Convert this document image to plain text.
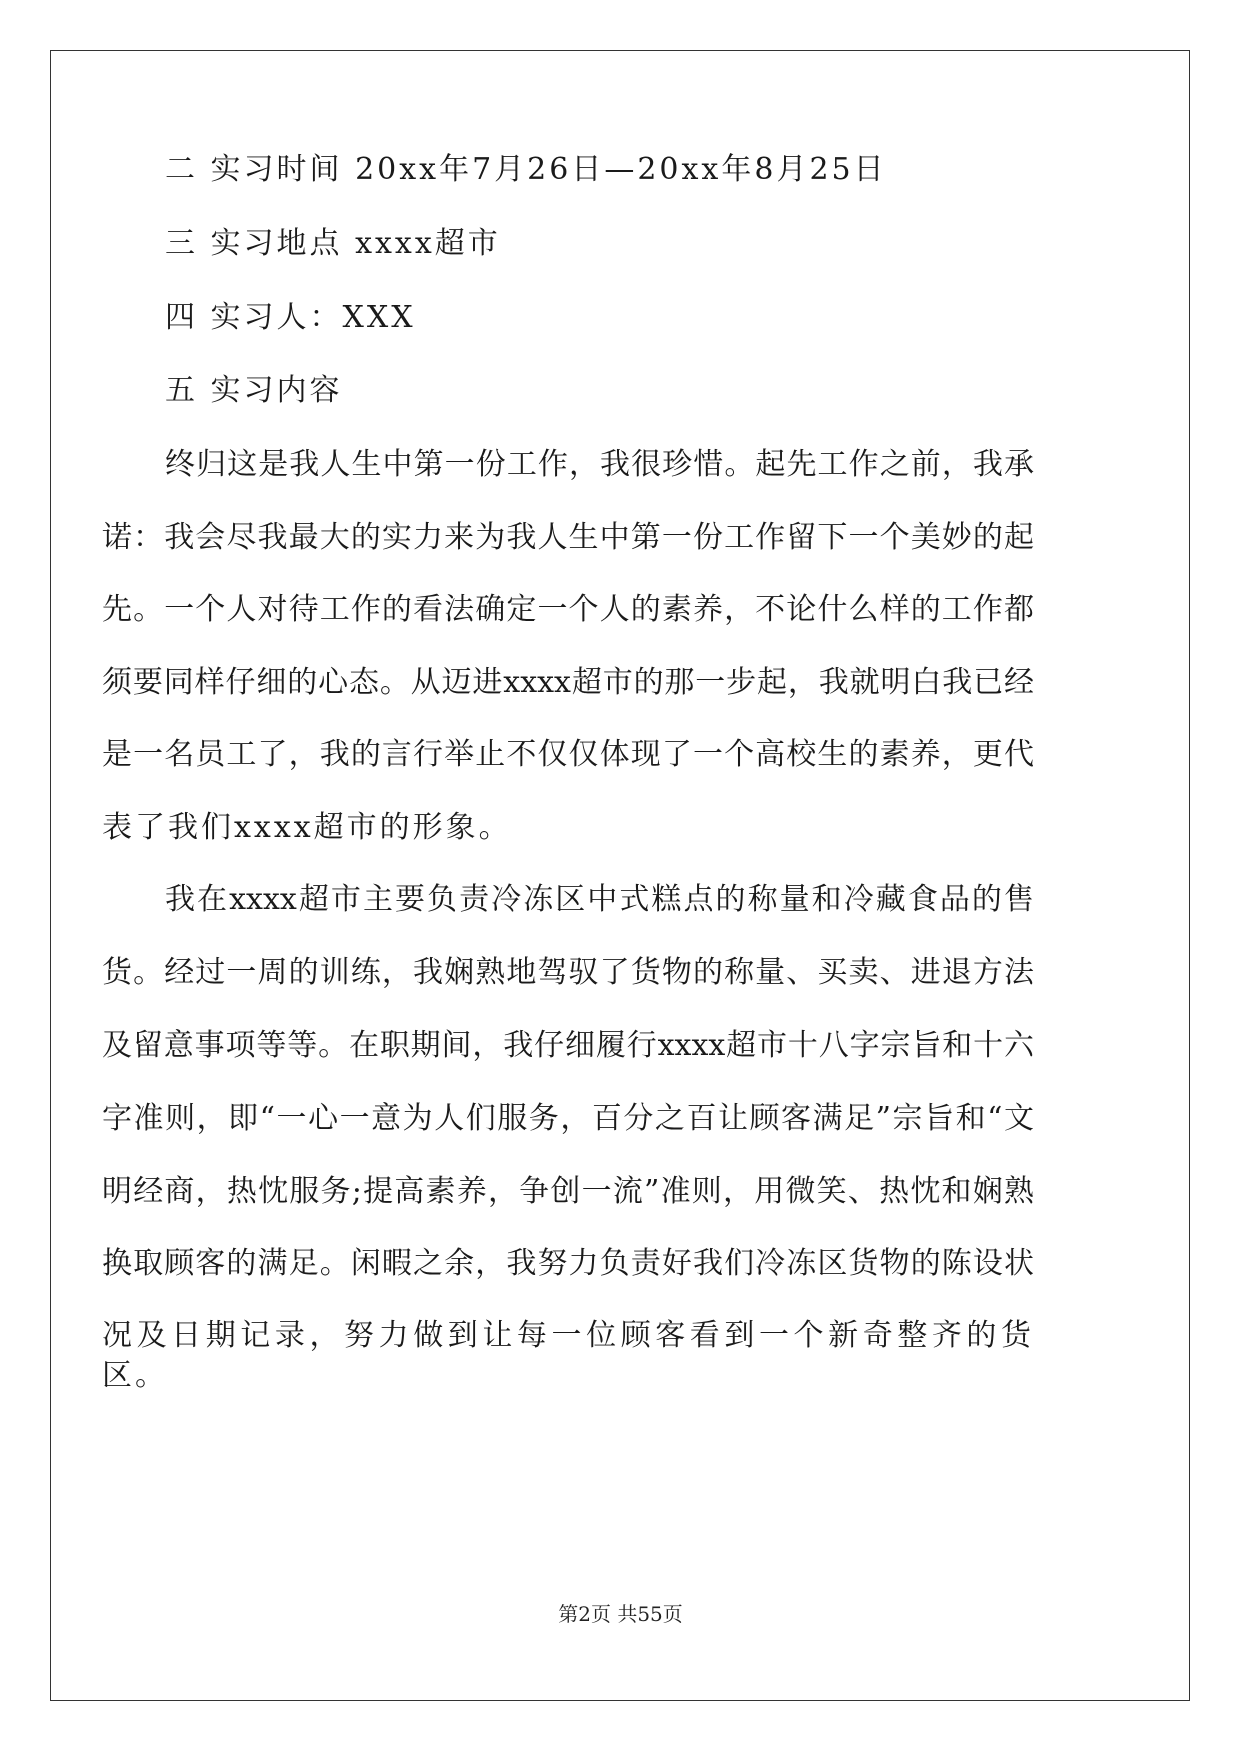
二 实习时间 20xx年7月26日—20xx年8月25日
三 实习地点 xxxx超市
四 实习人：XXX
五 实习内容
终归这是我人生中第一份工作，我很珍惜。起先工作之前，我承
诺：我会尽我最大的实力来为我人生中第一份工作留下一个美妙的起
先。一个人对待工作的看法确定一个人的素养，不论什么样的工作都
须要同样仔细的心态。从迈进xxxx超市的那一步起，我就明白我已经
是一名员工了，我的言行举止不仅仅体现了一个高校生的素养，更代
表了我们xxxx超市的形象。
我在xxxx超市主要负责冷冻区中式糕点的称量和冷藏食品的售
货。经过一周的训练，我娴熟地驾驭了货物的称量、买卖、进退方法
及留意事项等等。在职期间，我仔细履行xxxx超市十八字宗旨和十六
字准则，即“一心一意为人们服务，百分之百让顾客满足”宗旨和“文
明经商，热忱服务;提高素养，争创一流”准则，用微笑、热忱和娴熟
换取顾客的满足。闲暇之余，我努力负责好我们冷冻区货物的陈设状
况及日期记录，努力做到让每一位顾客看到一个新奇整齐的货区。
第2页 共55页
